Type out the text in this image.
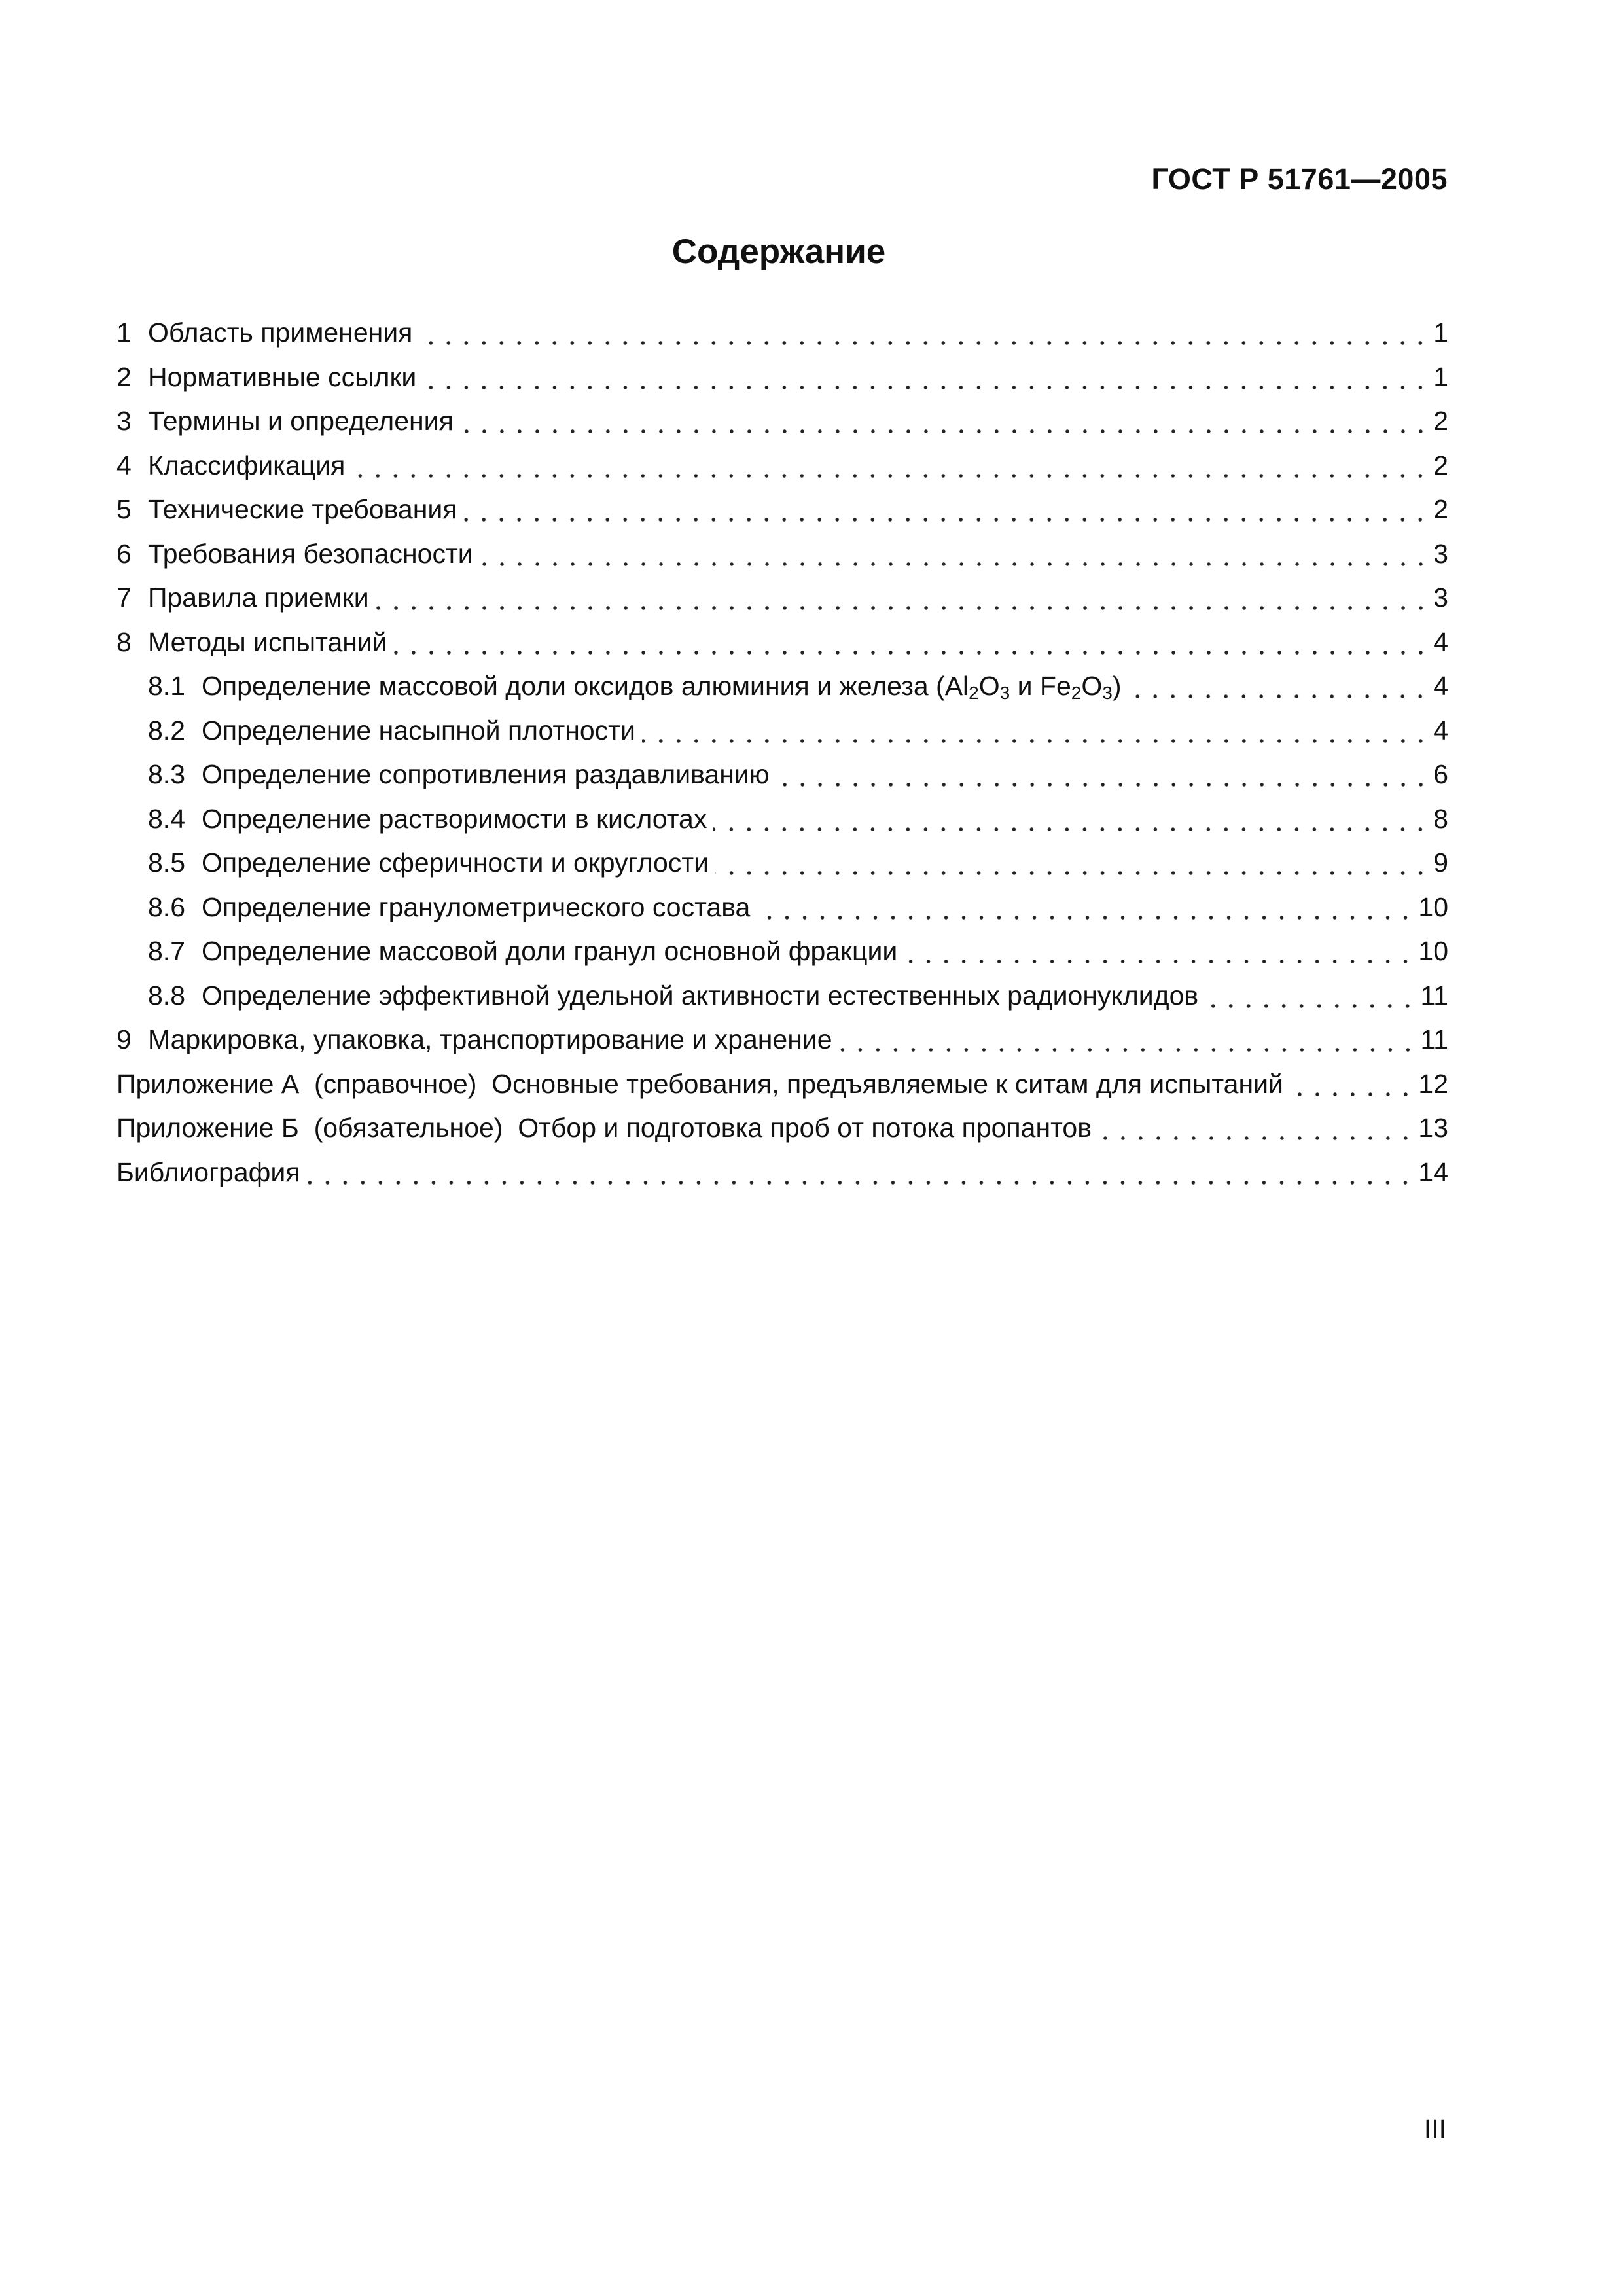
ГОСТ Р 51761—2005
Содержание
1 Область применения	1
2 Нормативные ссылки	1
3 Термины и определения	2
4 Классификация	2
5 Технические требования	2
6 Требования безопасности	3
7 Правила приемки	3
8 Методы испытаний	4
8.1 Определение массовой доли оксидов алюминия и железа ($Al_2O_3$ и $Fe_2O_3$)	4
8.2 Определение насыпной плотности	4
8.3 Определение сопротивления раздавливанию	6
8.4 Определение растворимости в кислотах	8
8.5 Определение сферичности и округлости	9
8.6 Определение гранулометрического состава	10
8.7 Определение массовой доли гранул основной фракции	10
8.8 Определение эффективной удельной активности естественных радионуклидов	11
9 Маркировка, упаковка, транспортирование и хранение	11
Приложение А (справочное) Основные требования, предъявляемые к ситам для испытаний	12
Приложение Б (обязательное) Отбор и подготовка проб от потока пропантов	13
Библиография	14
III
